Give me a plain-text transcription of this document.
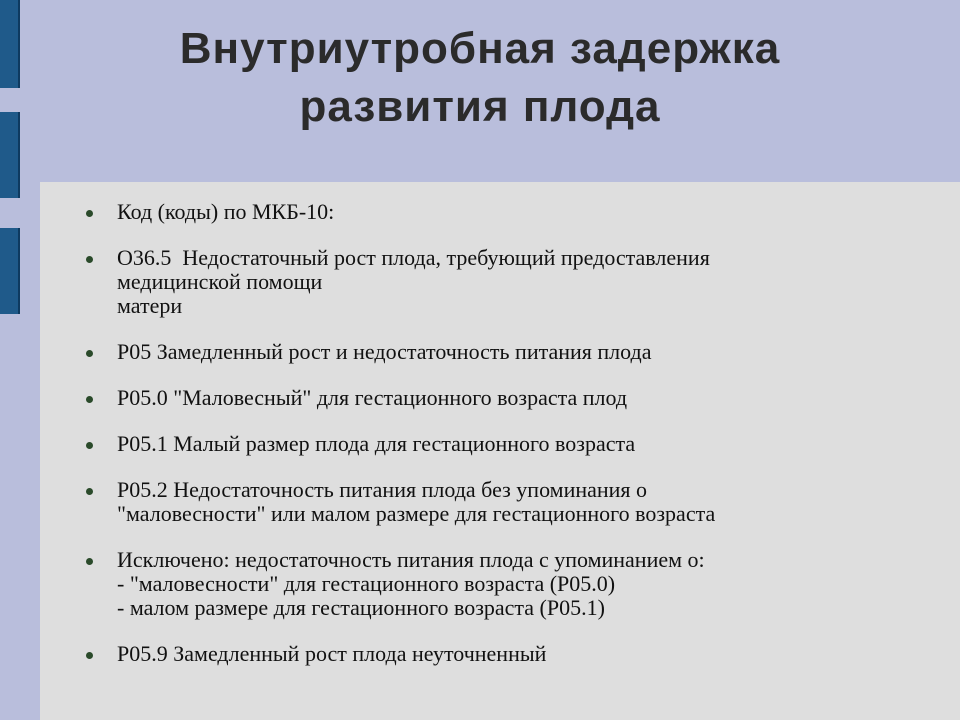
Внутриутробная задержка
развития плода
Код (коды) по МКБ-10:
O36.5  Недостаточный рост плода, требующий предоставления
медицинской помощи
матери
P05 Замедленный рост и недостаточность питания плода
P05.0 "Маловесный" для гестационного возраста плод
P05.1 Малый размер плода для гестационного возраста
P05.2 Недостаточность питания плода без упоминания о
"маловесности" или малом размере для гестационного возраста
Исключено: недостаточность питания плода с упоминанием о:
- "маловесности" для гестационного возраста (P05.0)
- малом размере для гестационного возраста (P05.1)
P05.9 Замедленный рост плода неуточненный
